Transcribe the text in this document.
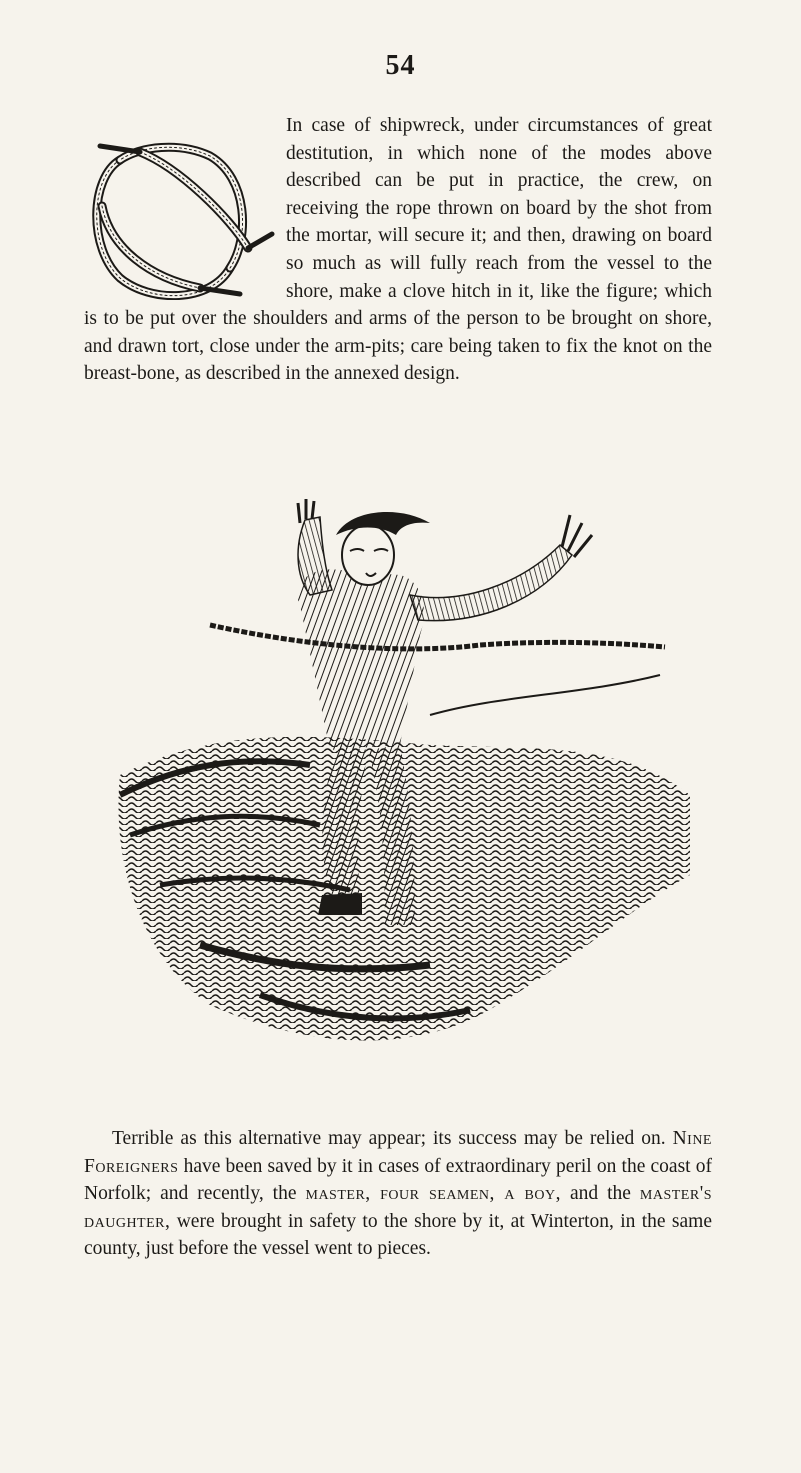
54

In case of shipwreck, under circumstances of great destitution, in which none of the modes above described can be put in practice, the crew, on receiving the rope thrown on board by the shot from the mortar, will secure it; and then, drawing on board so much as will fully reach from the vessel to the shore, make a clove hitch in it, like the figure; which is to be put over the shoulders and arms of the person to be brought on shore, and drawn tort, close under the arm-pits; care being taken to fix the knot on the breast-bone, as described in the annexed design.

Terrible as this alternative may appear; its success may be relied on. Nine Foreigners have been saved by it in cases of extraordinary peril on the coast of Norfolk; and recently, the master, four seamen, a boy, and the master's daughter, were brought in safety to the shore by it, at Winterton, in the same county, just before the vessel went to pieces.
